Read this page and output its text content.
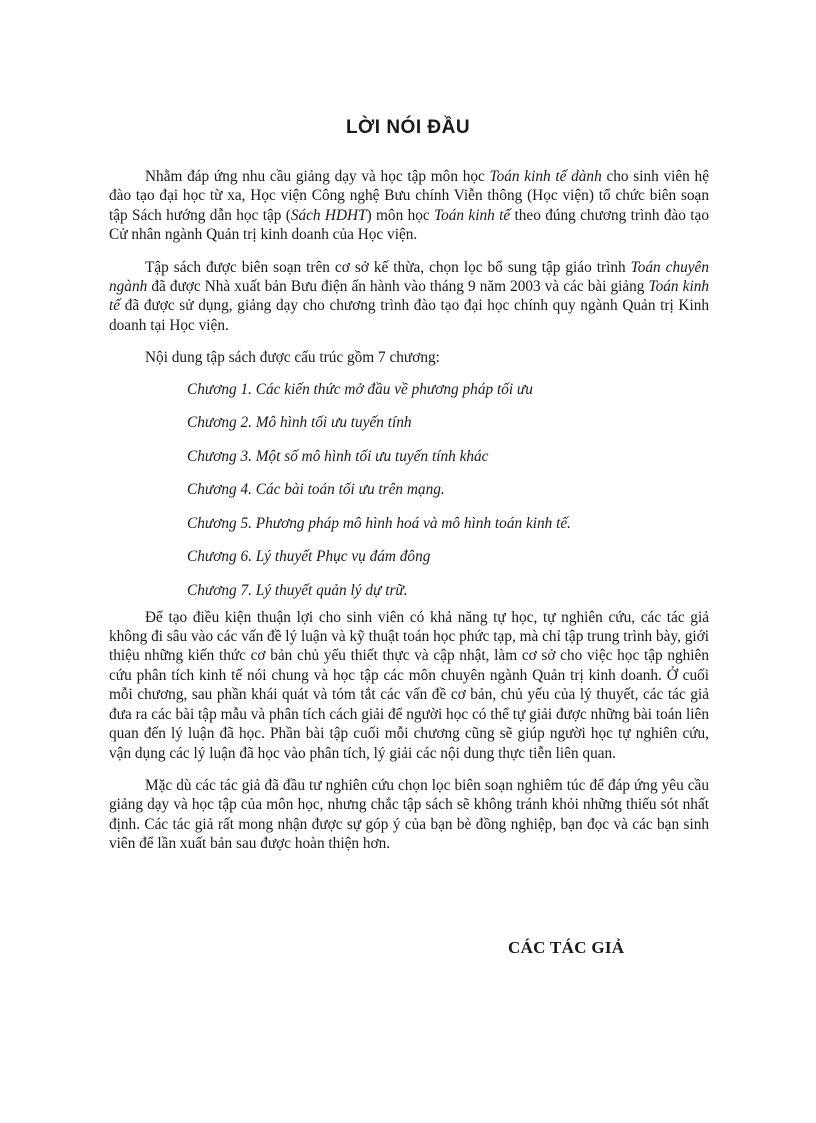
LỜI NÓI ĐẦU

Nhằm đáp ứng nhu cầu giảng dạy và học tập môn học Toán kinh tế dành cho sinh viên hệ đào tạo đại học từ xa, Học viện Công nghệ Bưu chính Viễn thông (Học viện) tổ chức biên soạn tập Sách hướng dẫn học tập (Sách HDHT) môn học Toán kinh tế theo đúng chương trình đào tạo Cử nhân ngành Quản trị kinh doanh của Học viện.

Tập sách được biên soạn trên cơ sở kế thừa, chọn lọc bổ sung tập giáo trình Toán chuyên ngành đã được Nhà xuất bản Bưu điện ấn hành vào tháng 9 năm 2003 và các bài giảng Toán kinh tế đã được sử dụng, giảng dạy cho chương trình đào tạo đại học chính quy ngành Quản trị Kinh doanh tại Học viện.

Nội dung tập sách được cấu trúc gồm 7 chương:

Chương 1. Các kiến thức mở đầu về phương pháp tối ưu
Chương 2. Mô hình tối ưu tuyến tính
Chương 3. Một số mô hình tối ưu tuyến tính khác
Chương 4. Các bài toán tối ưu trên mạng.
Chương 5. Phương pháp mô hình hoá và mô hình toán kinh tế.
Chương 6. Lý thuyết Phục vụ đám đông
Chương 7. Lý thuyết quản lý dự trữ.

Để tạo điều kiện thuận lợi cho sinh viên có khả năng tự học, tự nghiên cứu, các tác giả không đi sâu vào các vấn đề lý luận và kỹ thuật toán học phức tạp, mà chỉ tập trung trình bày, giới thiệu những kiến thức cơ bản chủ yếu thiết thực và cập nhật, làm cơ sở cho việc học tập nghiên cứu phân tích kinh tế nói chung và học tập các môn chuyên ngành Quản trị kinh doanh. Ở cuối mỗi chương, sau phần khái quát và tóm tắt các vấn đề cơ bản, chủ yếu của lý thuyết, các tác giả đưa ra các bài tập mẫu và phân tích cách giải để người học có thể tự giải được những bài toán liên quan đến lý luận đã học. Phần bài tập cuối mỗi chương cũng sẽ giúp người học tự nghiên cứu, vận dụng các lý luận đã học vào phân tích, lý giải các nội dung thực tiễn liên quan.

Mặc dù các tác giả đã đầu tư nghiên cứu chọn lọc biên soạn nghiêm túc để đáp ứng yêu cầu giảng dạy và học tập của môn học, nhưng chắc tập sách sẽ không tránh khỏi những thiếu sót nhất định. Các tác giả rất mong nhận được sự góp ý của bạn bè đồng nghiệp, bạn đọc và các bạn sinh viên để lần xuất bản sau được hoàn thiện hơn.

CÁC TÁC GIẢ
